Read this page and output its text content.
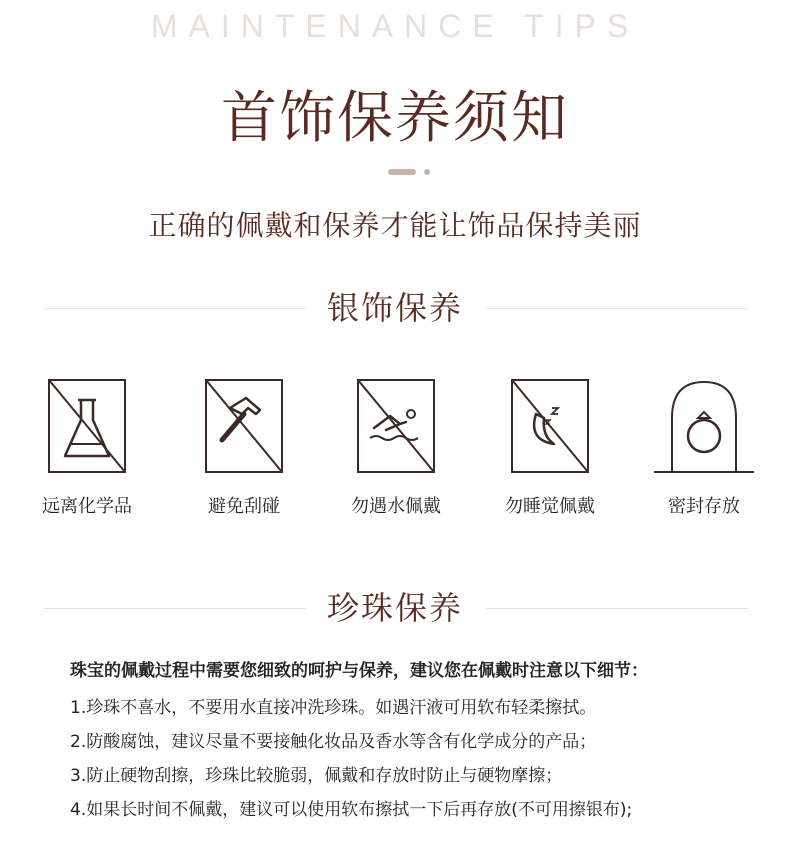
MAINTENANCE TIPS
首饰保养须知
正确的佩戴和保养才能让饰品保持美丽
银饰保养
远离化学品	避免刮碰	勿遇水佩戴	勿睡觉佩戴	密封存放
珍珠保养
珠宝的佩戴过程中需要您细致的呵护与保养，建议您在佩戴时注意以下细节：
1.珍珠不喜水，不要用水直接冲洗珍珠。如遇汗液可用软布轻柔擦拭。
2.防酸腐蚀，建议尽量不要接触化妆品及香水等含有化学成分的产品；
3.防止硬物刮擦，珍珠比较脆弱，佩戴和存放时防止与硬物摩擦；
4.如果长时间不佩戴，建议可以使用软布擦拭一下后再存放(不可用擦银布);
